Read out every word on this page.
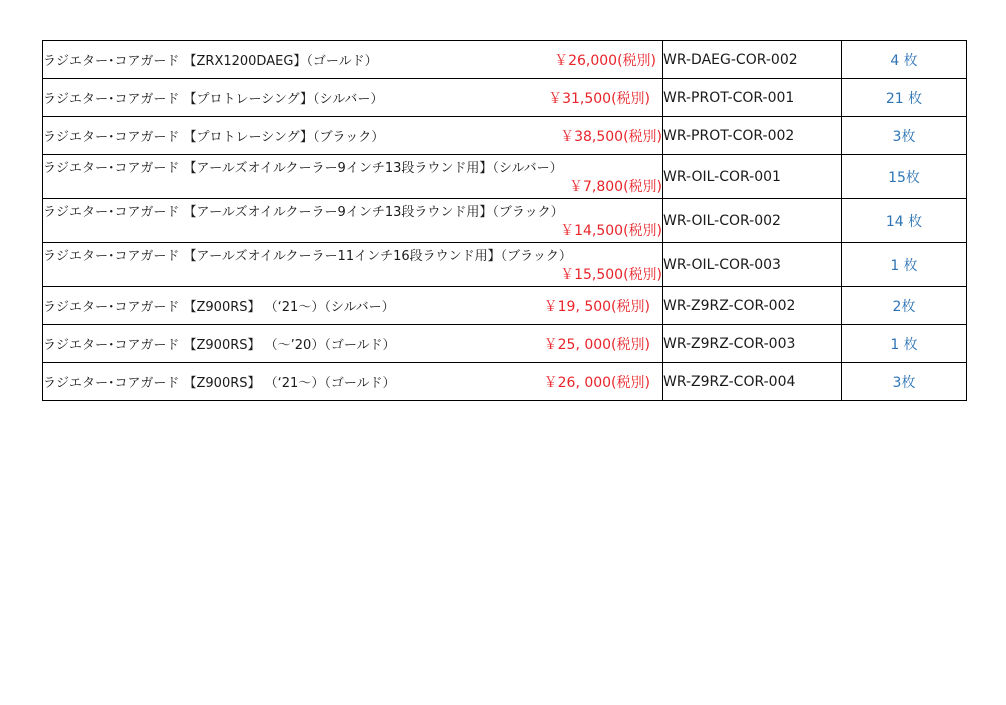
ラジエター･コアガード 【ZRX1200DAEG】（ゴールド） ￥26,000(税別)	WR-DAEG-COR-002	4 枚

ラジエター･コアガード 【プロトレーシング】（シルバー） ￥31,500(税別)	WR-PROT-COR-001	21 枚

ラジエター･コアガード 【プロトレーシング】（ブラック） ￥38,500(税別)	WR-PROT-COR-002	3枚

ラジエター･コアガード 【アールズオイルクーラー9インチ13段ラウンド用】（シルバー）
￥7,800(税別)	WR-OIL-COR-001	15枚

ラジエター･コアガード 【アールズオイルクーラー9インチ13段ラウンド用】（ブラック）
￥14,500(税別)	WR-OIL-COR-002	14 枚

ラジエター･コアガード 【アールズオイルクーラー11インチ16段ラウンド用】（ブラック）
￥15,500(税別)	WR-OIL-COR-003	1 枚

ラジエター･コアガード 【Z900RS】 （‘21～）（シルバー） ￥19, 500(税別)	WR-Z9RZ-COR-002	2枚

ラジエター･コアガード 【Z900RS】 （～’20）（ゴールド） ￥25, 000(税別)	WR-Z9RZ-COR-003	1 枚

ラジエター･コアガード 【Z900RS】 （‘21～）（ゴールド） ￥26, 000(税別)	WR-Z9RZ-COR-004	3枚
